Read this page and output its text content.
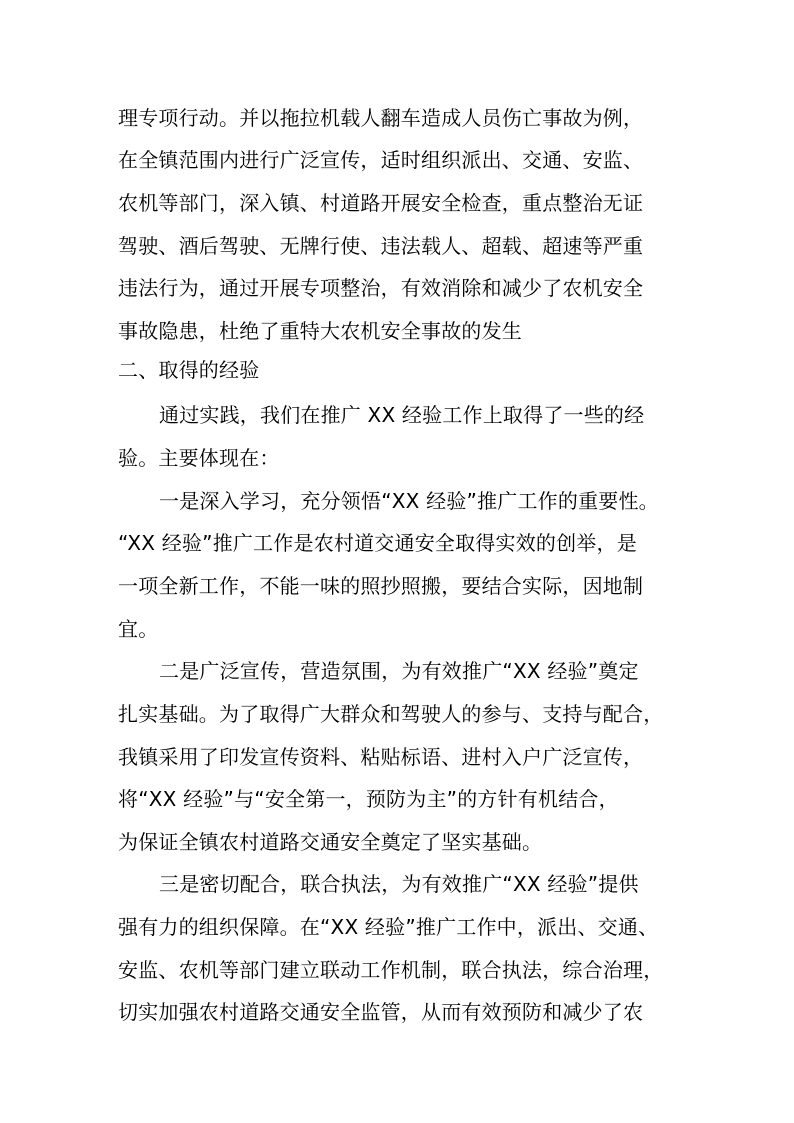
理专项行动。并以拖拉机载人翻车造成人员伤亡事故为例，
在全镇范围内进行广泛宣传，适时组织派出、交通、安监、
农机等部门，深入镇、村道路开展安全检查，重点整治无证
驾驶、酒后驾驶、无牌行使、违法载人、超载、超速等严重
违法行为，通过开展专项整治，有效消除和减少了农机安全
事故隐患，杜绝了重特大农机安全事故的发生
二、取得的经验
通过实践，我们在推广 XX 经验工作上取得了一些的经
验。主要体现在：
一是深入学习，充分领悟“XX 经验”推广工作的重要性。
“XX 经验”推广工作是农村道交通安全取得实效的创举，是
一项全新工作，不能一味的照抄照搬，要结合实际，因地制
宜。
二是广泛宣传，营造氛围，为有效推广“XX 经验”奠定
扎实基础。为了取得广大群众和驾驶人的参与、支持与配合，
我镇采用了印发宣传资料、粘贴标语、进村入户广泛宣传，
将“XX 经验”与“安全第一，预防为主”的方针有机结合，
为保证全镇农村道路交通安全奠定了坚实基础。
三是密切配合，联合执法，为有效推广“XX 经验”提供
强有力的组织保障。在“XX 经验”推广工作中，派出、交通、
安监、农机等部门建立联动工作机制，联合执法，综合治理，
切实加强农村道路交通安全监管，从而有效预防和减少了农
